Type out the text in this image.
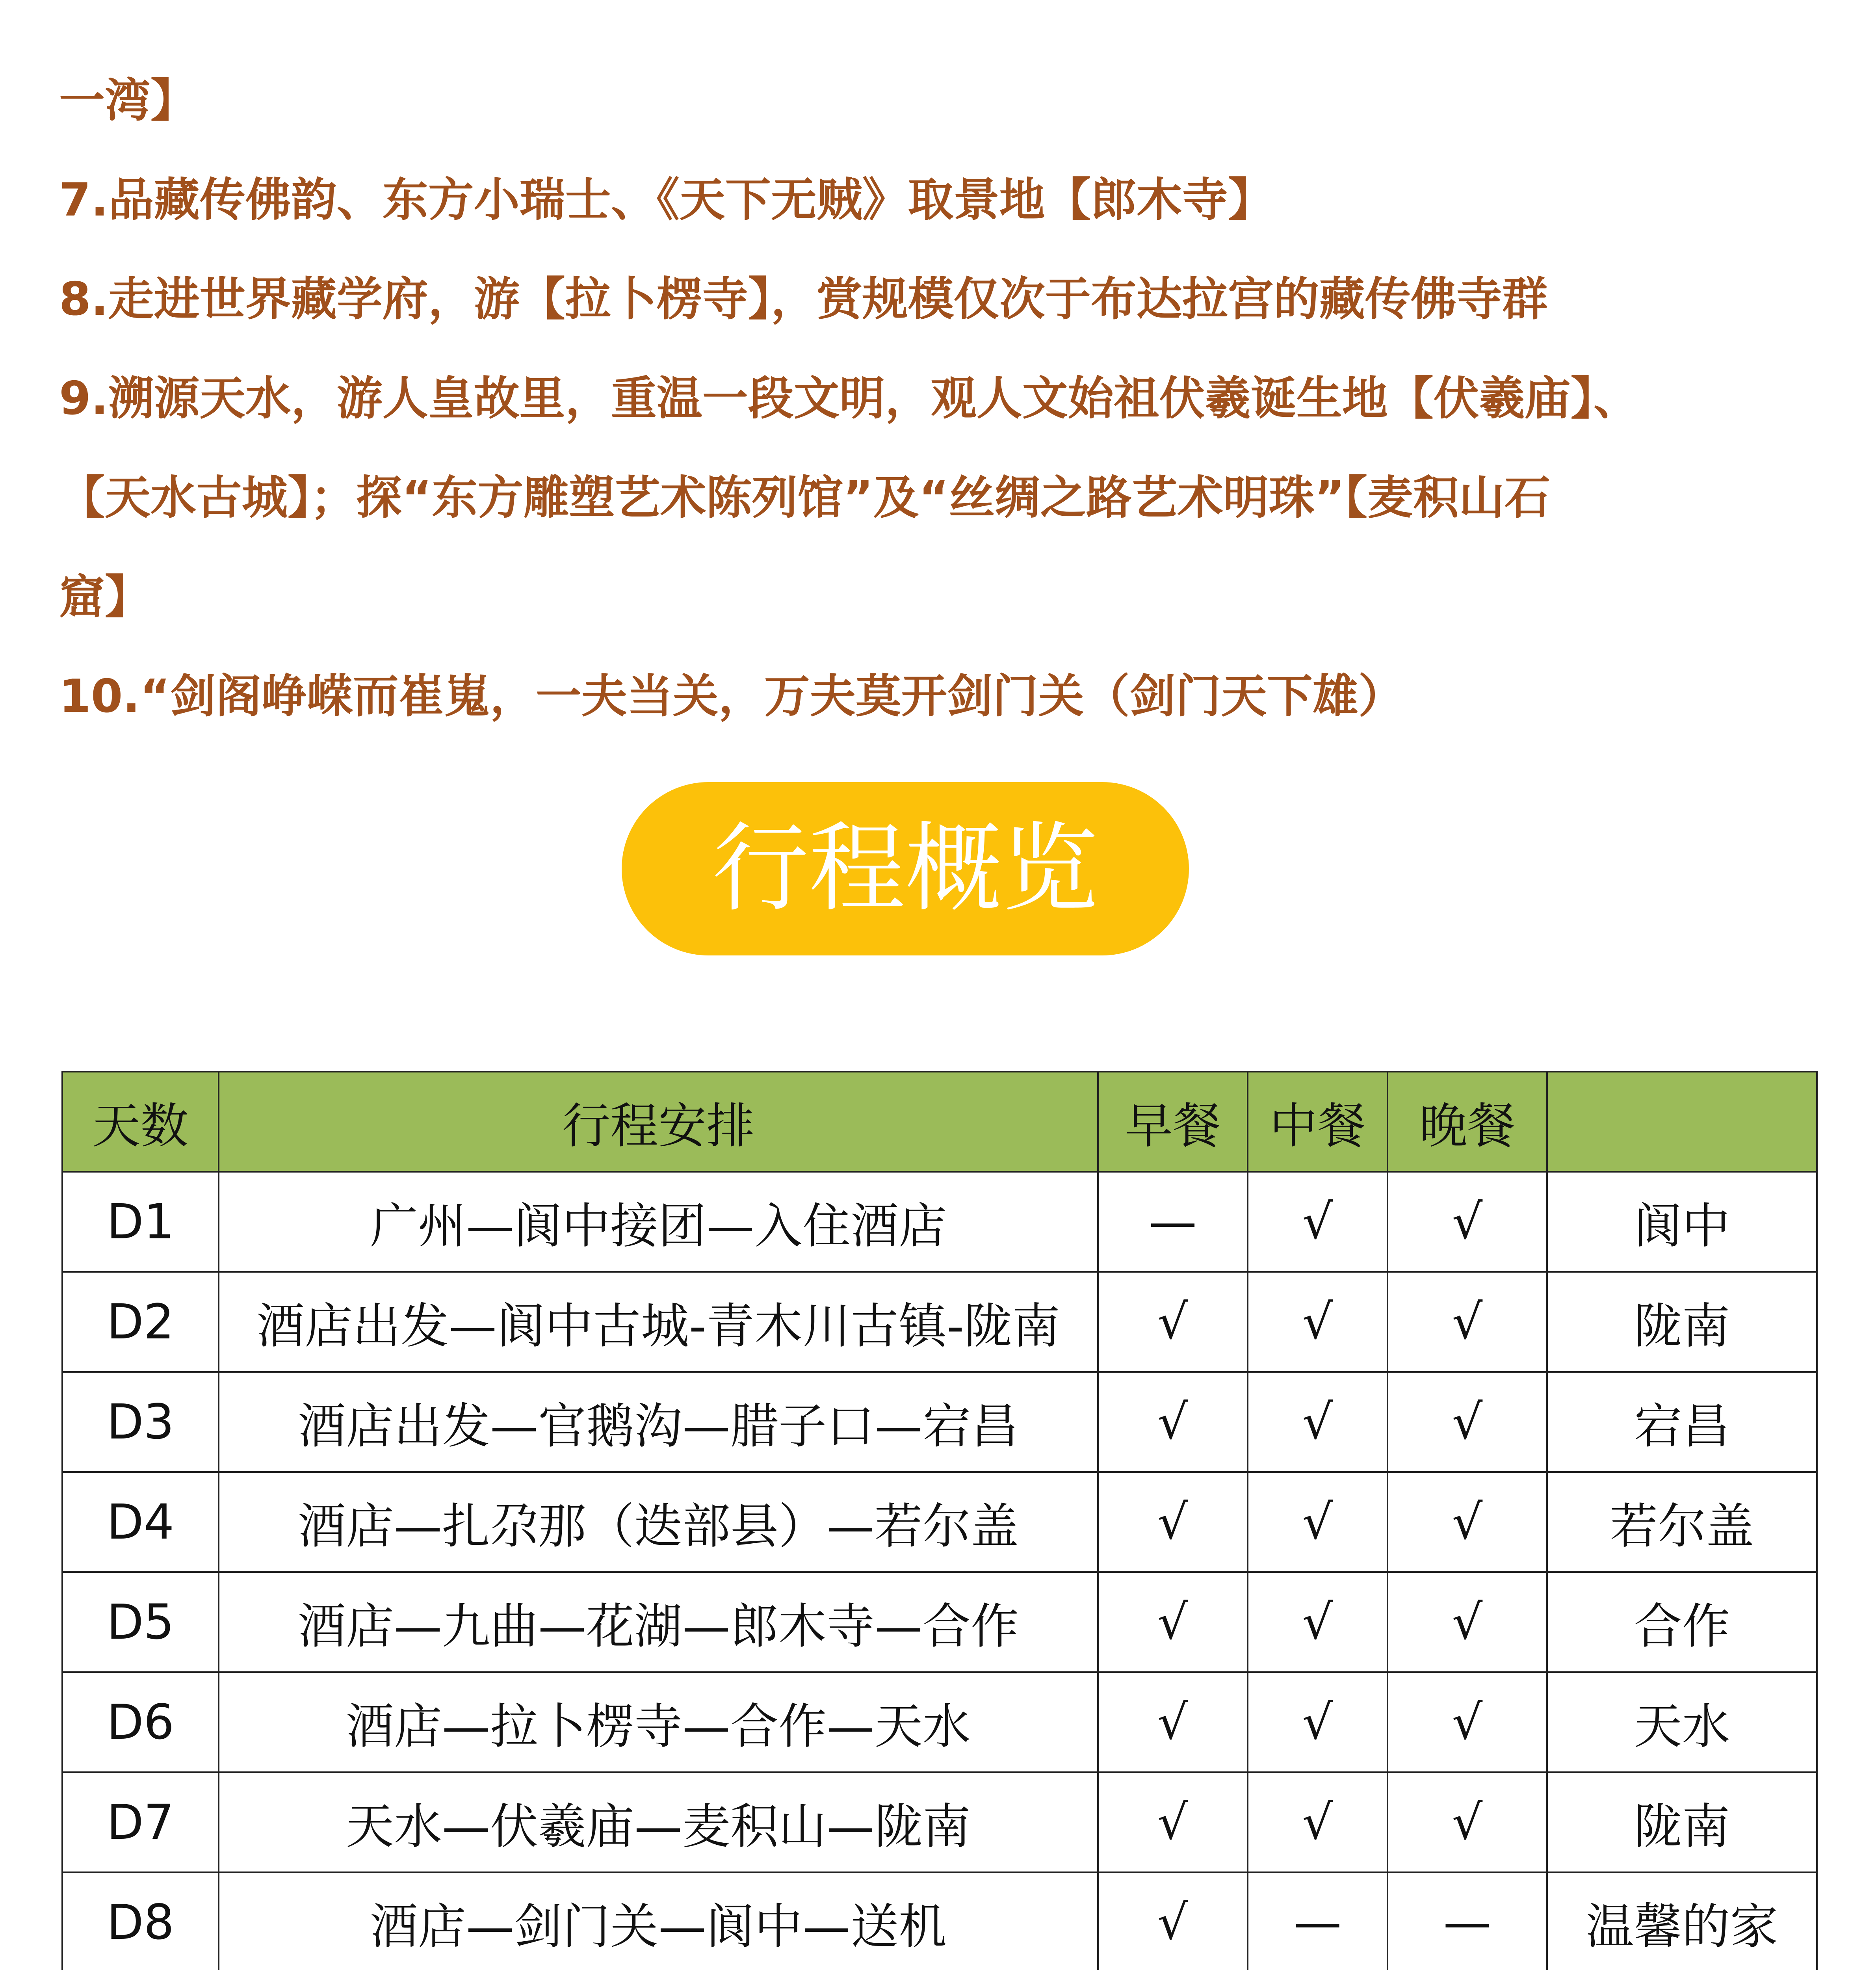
一湾】

7.品藏传佛韵、东方小瑞士、《天下无贼》取景地【郎木寺】

8.走进世界藏学府，游【拉卜楞寺】，赏规模仅次于布达拉宫的藏传佛寺群

9.溯源天水，游人皇故里，重温一段文明，观人文始祖伏羲诞生地【伏羲庙】、

【天水古城】；探“东方雕塑艺术陈列馆”及“丝绸之路艺术明珠”【麦积山石

窟】

10.“剑阁峥嵘而崔嵬，一夫当关，万夫莫开剑门关（剑门天下雄）

行程概览
天数	行程安排	早餐	中餐	晚餐	
D1	广州—阆中接团—入住酒店	—	√	√	阆中
D2	酒店出发—阆中古城-青木川古镇-陇南	√	√	√	陇南
D3	酒店出发—官鹅沟—腊子口—宕昌	√	√	√	宕昌
D4	酒店—扎尕那（迭部县）—若尔盖	√	√	√	若尔盖
D5	酒店—九曲—花湖—郎木寺—合作	√	√	√	合作
D6	酒店—拉卜楞寺—合作—天水	√	√	√	天水
D7	天水—伏羲庙—麦积山—陇南	√	√	√	陇南
D8	酒店—剑门关—阆中—送机	√	—	—	温馨的家
